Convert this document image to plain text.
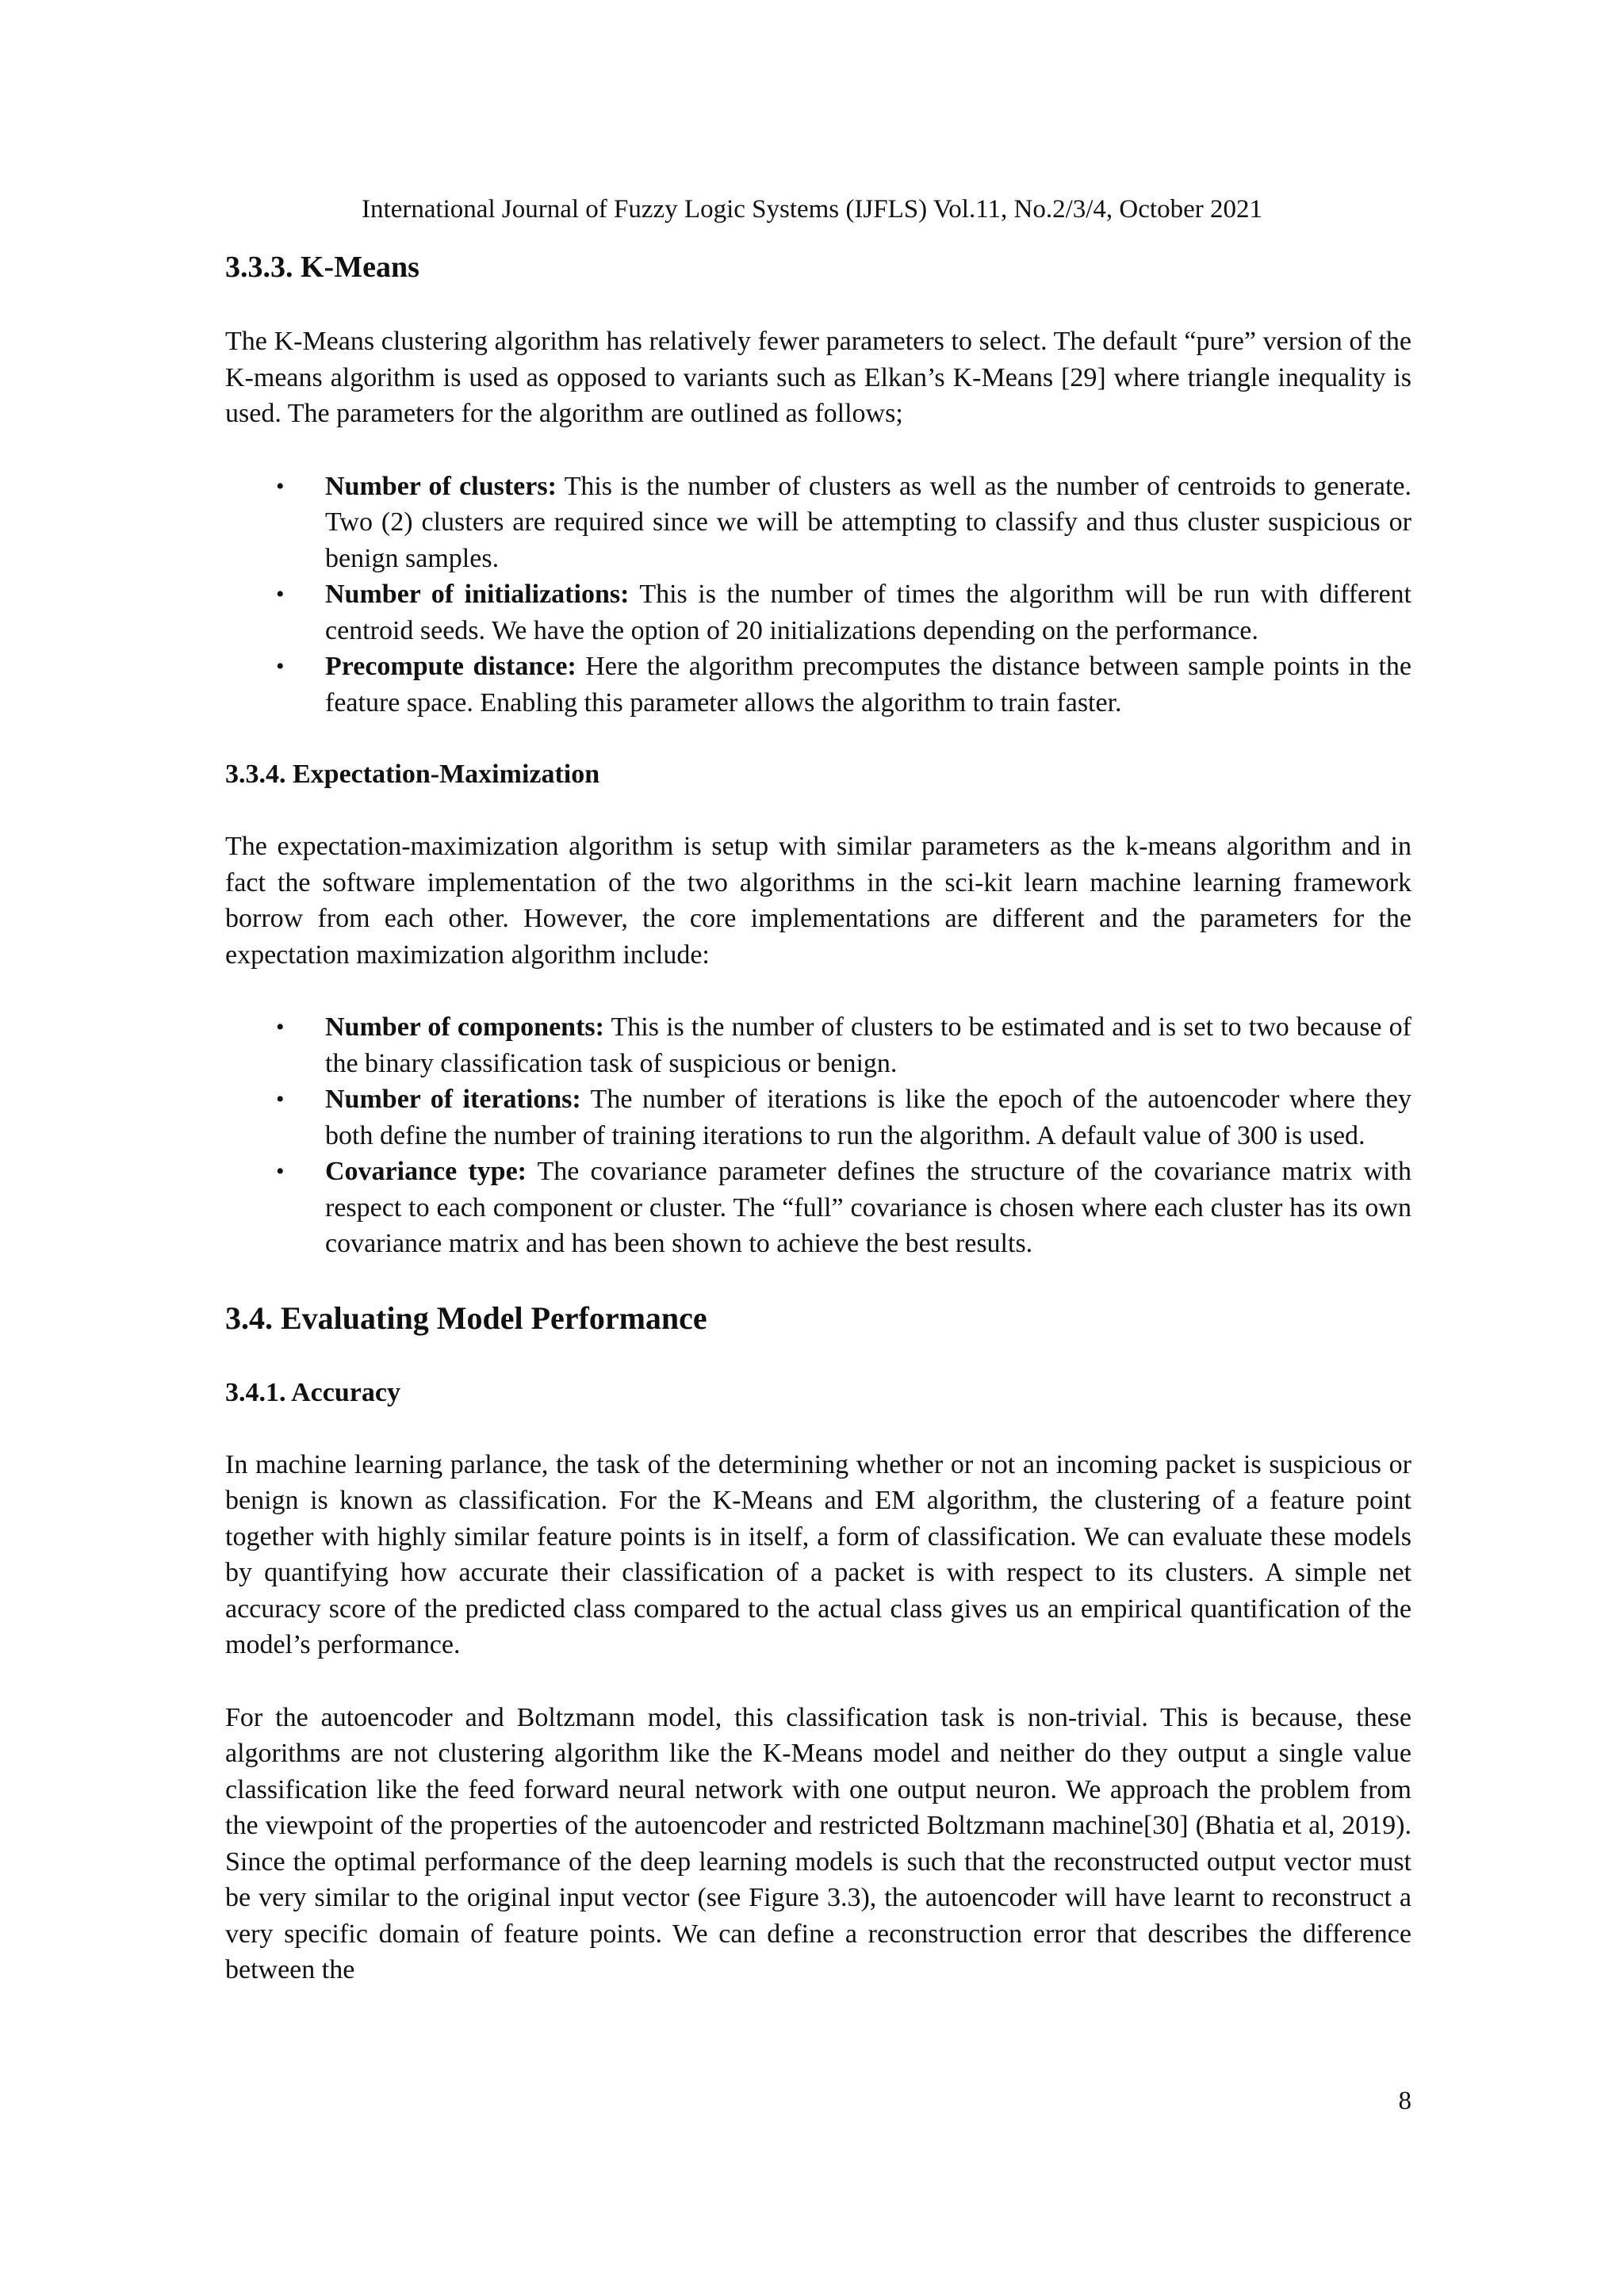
International Journal of Fuzzy Logic Systems (IJFLS) Vol.11, No.2/3/4, October 2021
3.3.3. K-Means

The K-Means clustering algorithm has relatively fewer parameters to select. The default “pure” version of the K-means algorithm is used as opposed to variants such as Elkan’s K-Means [29] where triangle inequality is used. The parameters for the algorithm are outlined as follows;

• Number of clusters: This is the number of clusters as well as the number of centroids to generate. Two (2) clusters are required since we will be attempting to classify and thus cluster suspicious or benign samples.
• Number of initializations: This is the number of times the algorithm will be run with different centroid seeds. We have the option of 20 initializations depending on the performance.
• Precompute distance: Here the algorithm precomputes the distance between sample points in the feature space. Enabling this parameter allows the algorithm to train faster.
3.3.4. Expectation-Maximization

The expectation-maximization algorithm is setup with similar parameters as the k-means algorithm and in fact the software implementation of the two algorithms in the sci-kit learn machine learning framework borrow from each other. However, the core implementations are different and the parameters for the expectation maximization algorithm include:

• Number of components: This is the number of clusters to be estimated and is set to two because of the binary classification task of suspicious or benign.
• Number of iterations: The number of iterations is like the epoch of the autoencoder where they both define the number of training iterations to run the algorithm. A default value of 300 is used.
• Covariance type: The covariance parameter defines the structure of the covariance matrix with respect to each component or cluster. The “full” covariance is chosen where each cluster has its own covariance matrix and has been shown to achieve the best results.
3.4. Evaluating Model Performance
3.4.1. Accuracy

In machine learning parlance, the task of the determining whether or not an incoming packet is suspicious or benign is known as classification. For the K-Means and EM algorithm, the clustering of a feature point together with highly similar feature points is in itself, a form of classification. We can evaluate these models by quantifying how accurate their classification of a packet is with respect to its clusters. A simple net accuracy score of the predicted class compared to the actual class gives us an empirical quantification of the model’s performance.

For the autoencoder and Boltzmann model, this classification task is non-trivial. This is because, these algorithms are not clustering algorithm like the K-Means model and neither do they output a single value classification like the feed forward neural network with one output neuron. We approach the problem from the viewpoint of the properties of the autoencoder and restricted Boltzmann machine[30] (Bhatia et al, 2019). Since the optimal performance of the deep learning models is such that the reconstructed output vector must be very similar to the original input vector (see Figure 3.3), the autoencoder will have learnt to reconstruct a very specific domain of feature points. We can define a reconstruction error that describes the difference between the

8
